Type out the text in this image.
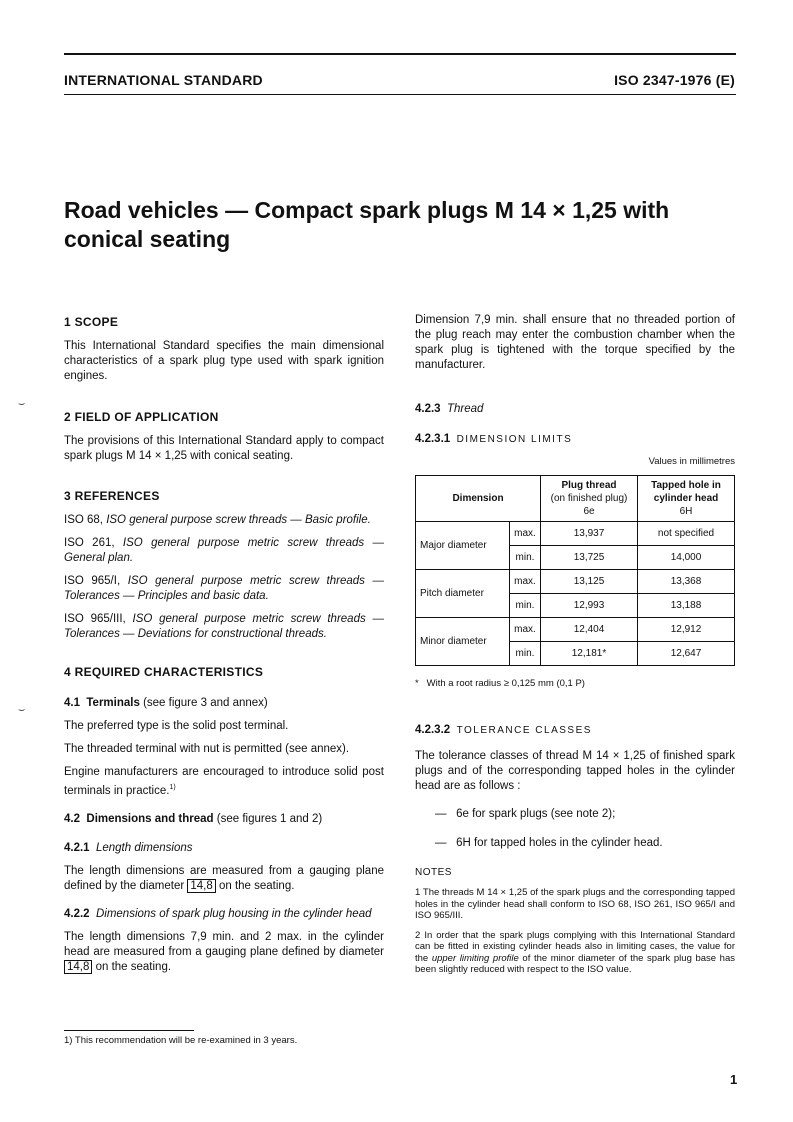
INTERNATIONAL STANDARD	ISO 2347-1976 (E)
Road vehicles — Compact spark plugs M 14 × 1,25 with
conical seating
⌣
⌣
1 SCOPE

This International Standard specifies the main dimensional characteristics of a spark plug type used with spark ignition engines.

2 FIELD OF APPLICATION

The provisions of this International Standard apply to compact spark plugs M 14 × 1,25 with conical seating.

3 REFERENCES

ISO 68, ISO general purpose screw threads — Basic profile.

ISO 261, ISO general purpose metric screw threads — General plan.

ISO 965/I, ISO general purpose metric screw threads — Tolerances — Principles and basic data.

ISO 965/III, ISO general purpose metric screw threads — Tolerances — Deviations for constructional threads.

4 REQUIRED CHARACTERISTICS
4.1 Terminals (see figure 3 and annex)

The preferred type is the solid post terminal.

The threaded terminal with nut is permitted (see annex).

Engine manufacturers are encouraged to introduce solid post terminals in practice.$^{1)}$

4.2 Dimensions and thread (see figures 1 and 2)
4.2.1 Length dimensions

The length dimensions are measured from a gauging plane defined by the diameter 14,8 on the seating.

4.2.2 Dimensions of spark plug housing in the cylinder head

The length dimensions 7,9 min. and 2 max. in the cylinder head are measured from a gauging plane defined by diameter 14,8 on the seating.

Dimension 7,9 min. shall ensure that no threaded portion of the plug reach may enter the combustion chamber when the spark plug is tightened with the torque specified by the manufacturer.

4.2.3 Thread
4.2.3.1 DIMENSION LIMITS
Values in millimetres
Dimension		Plug thread
(on finished plug)
6e	Tapped hole in
cylinder head
6H
Major diameter	max.	13,937	not specified
	min.	13,725	14,000
Pitch diameter	max.	13,125	13,368
	min.	12,993	13,188
Minor diameter	max.	12,404	12,912
	min.	12,181*	12,647
*   With a root radius ≥ 0,125 mm (0,1 P)
4.2.3.2 TOLERANCE CLASSES

The tolerance classes of thread M 14 × 1,25 of finished spark plugs and of the corresponding tapped holes in the cylinder head are as follows :

—   6e for spark plugs (see note 2);
—   6H for tapped holes in the cylinder head.
NOTES

1 The threads M 14 × 1,25 of the spark plugs and the corresponding tapped holes in the cylinder head shall conform to ISO 68, ISO 261, ISO 965/I and ISO 965/III.

2 In order that the spark plugs complying with this International Standard can be fitted in existing cylinder heads also in limiting cases, the value for the upper limiting profile of the minor diameter of the spark plug base has been slightly reduced with respect to the ISO value.

1) This recommendation will be re-examined in 3 years.
1
